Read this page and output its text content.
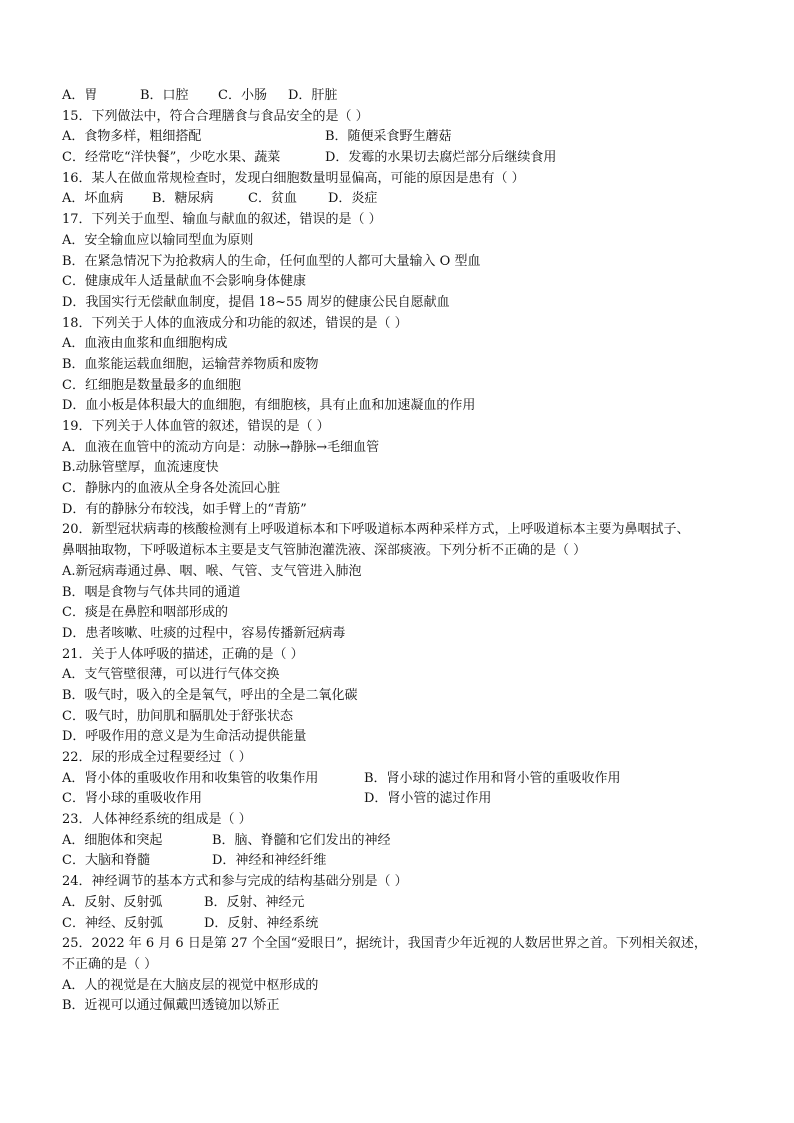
A．胃	B．口腔 C．小肠 D．肝脏
15．下列做法中，符合合理膳食与食品安全的是（ ）
A．食物多样，粗细搭配	B．随便采食野生蘑菇
C．经常吃“洋快餐”，少吃水果、蔬菜	D．发霉的水果切去腐烂部分后继续食用
16．某人在做血常规检查时，发现白细胞数量明显偏高，可能的原因是患有（ ）
A．坏血病 B．糖尿病	C．贫血 D．炎症
17．下列关于血型、输血与献血的叙述，错误的是（ ）
A．安全输血应以输同型血为原则
B．在紧急情况下为抢救病人的生命，任何血型的人都可大量输入 O 型血
C．健康成年人适量献血不会影响身体健康
D．我国实行无偿献血制度，提倡 18~55 周岁的健康公民自愿献血
18．下列关于人体的血液成分和功能的叙述，错误的是（ ）
A．血液由血浆和血细胞构成
B．血浆能运载血细胞，运输营养物质和废物
C．红细胞是数量最多的血细胞
D．血小板是体积最大的血细胞，有细胞核，具有止血和加速凝血的作用
19．下列关于人体血管的叙述，错误的是（ ）
A．血液在血管中的流动方向是：动脉→静脉→毛细血管
B.动脉管壁厚，血流速度快
C．静脉内的血液从全身各处流回心脏
D．有的静脉分布较浅，如手臂上的“青筋”
20．新型冠状病毒的核酸检测有上呼吸道标本和下呼吸道标本两种采样方式，上呼吸道标本主要为鼻咽拭子、
鼻咽抽取物，下呼吸道标本主要是支气管肺泡灌洗液、深部痰液。下列分析不正确的是（ ）
A.新冠病毒通过鼻、咽、喉、气管、支气管进入肺泡
B．咽是食物与气体共同的通道
C．痰是在鼻腔和咽部形成的
D．患者咳嗽、吐痰的过程中，容易传播新冠病毒
21．关于人体呼吸的描述，正确的是（ ）
A．支气管壁很薄，可以进行气体交换
B．吸气时，吸入的全是氧气，呼出的全是二氧化碳
C．吸气时，肋间肌和膈肌处于舒张状态
D．呼吸作用的意义是为生命活动提供能量
22．尿的形成全过程要经过（ ）
A．肾小体的重吸收作用和收集管的收集作用	B．肾小球的滤过作用和肾小管的重吸收作用
C．肾小球的重吸收作用	D．肾小管的滤过作用
23．人体神经系统的组成是（ ）
A．细胞体和突起	B．脑、脊髓和它们发出的神经
C．大脑和脊髓	D．神经和神经纤维
24．神经调节的基本方式和参与完成的结构基础分别是（ ）
A．反射、反射弧	B．反射、神经元
C．神经、反射弧	D．反射、神经系统
25．2022 年 6 月 6 日是第 27 个全国“爱眼日”，据统计，我国青少年近视的人数居世界之首。下列相关叙述，
不正确的是（ ）
A．人的视觉是在大脑皮层的视觉中枢形成的
B．近视可以通过佩戴凹透镜加以矫正
